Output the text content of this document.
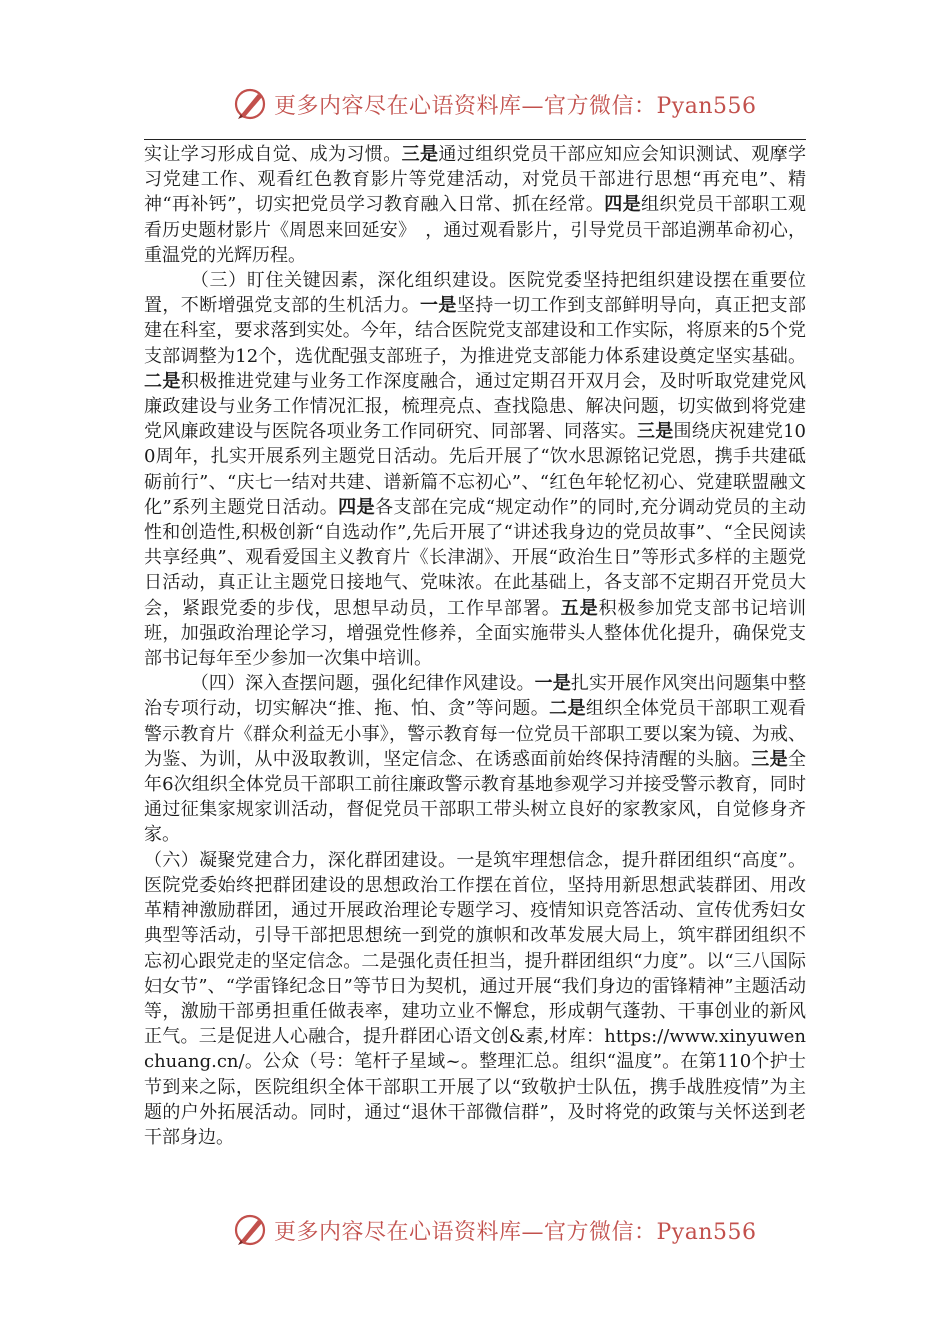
更多内容尽在心语资料库—官方微信：Pyan556

实让学习形成自觉、成为习惯。三是通过组织党员干部应知应会知识测试、观摩学习党建工作、观看红色教育影片等党建活动，对党员干部进行思想“再充电”、精神“再补钙”，切实把党员学习教育融入日常、抓在经常。四是组织党员干部职工观看历史题材影片《周恩来回延安》　，通过观看影片，引导党员干部追溯革命初心，重温党的光辉历程。

（三）盯住关键因素，深化组织建设。医院党委坚持把组织建设摆在重要位置，不断增强党支部的生机活力。一是坚持一切工作到支部鲜明导向，真正把支部建在科室，要求落到实处。今年，结合医院党支部建设和工作实际，将原来的5个党支部调整为12个，选优配强支部班子，为推进党支部能力体系建设奠定坚实基础。二是积极推进党建与业务工作深度融合，通过定期召开双月会，及时听取党建党风廉政建设与业务工作情况汇报，梳理亮点、查找隐患、解决问题，切实做到将党建党风廉政建设与医院各项业务工作同研究、同部署、同落实。三是围绕庆祝建党100周年，扎实开展系列主题党日活动。先后开展了“饮水思源铭记党恩，携手共建砥砺前行”、“庆七一结对共建、谱新篇不忘初心”、“红色年轮忆初心、党建联盟融文化”系列主题党日活动。四是各支部在完成“规定动作”的同时,充分调动党员的主动性和创造性,积极创新“自选动作”,先后开展了“讲述我身边的党员故事”、“全民阅读 共享经典”、观看爱国主义教育片《长津湖》、开展“政治生日”等形式多样的主题党日活动，真正让主题党日接地气、党味浓。在此基础上，各支部不定期召开党员大会，紧跟党委的步伐，思想早动员，工作早部署。五是积极参加党支部书记培训班，加强政治理论学习，增强党性修养，全面实施带头人整体优化提升，确保党支部书记每年至少参加一次集中培训。

（四）深入查摆问题，强化纪律作风建设。一是扎实开展作风突出问题集中整治专项行动，切实解决“推、拖、怕、贪”等问题。二是组织全体党员干部职工观看警示教育片《群众利益无小事》，警示教育每一位党员干部职工要以案为镜、为戒、为鉴、为训，从中汲取教训，坚定信念、在诱惑面前始终保持清醒的头脑。三是全年6次组织全体党员干部职工前往廉政警示教育基地参观学习并接受警示教育，同时通过征集家规家训活动，督促党员干部职工带头树立良好的家教家风，自觉修身齐家。

（六）凝聚党建合力，深化群团建设。一是筑牢理想信念，提升群团组织“高度”。医院党委始终把群团建设的思想政治工作摆在首位，坚持用新思想武装群团、用改革精神激励群团，通过开展政治理论专题学习、疫情知识竞答活动、宣传优秀妇女典型等活动，引导干部把思想统一到党的旗帜和改革发展大局上，筑牢群团组织不忘初心跟党走的坚定信念。二是强化责任担当，提升群团组织“力度”。以“三八国际妇女节”、“学雷锋纪念日”等节日为契机，通过开展“我们身边的雷锋精神”主题活动等，激励干部勇担重任做表率，建功立业不懈怠，形成朝气蓬勃、干事创业的新风正气。三是促进人心融合，提升群团心语文创&素,材库：https://www.xinyuwenchuang.cn/。公众（号：笔杆子星域~。整理汇总。组织“温度”。在第110个护士节到来之际，医院组织全体干部职工开展了以“致敬护士队伍，携手战胜疫情”为主题的户外拓展活动。同时，通过“退休干部微信群”，及时将党的政策与关怀送到老干部身边。

更多内容尽在心语资料库—官方微信：Pyan556
